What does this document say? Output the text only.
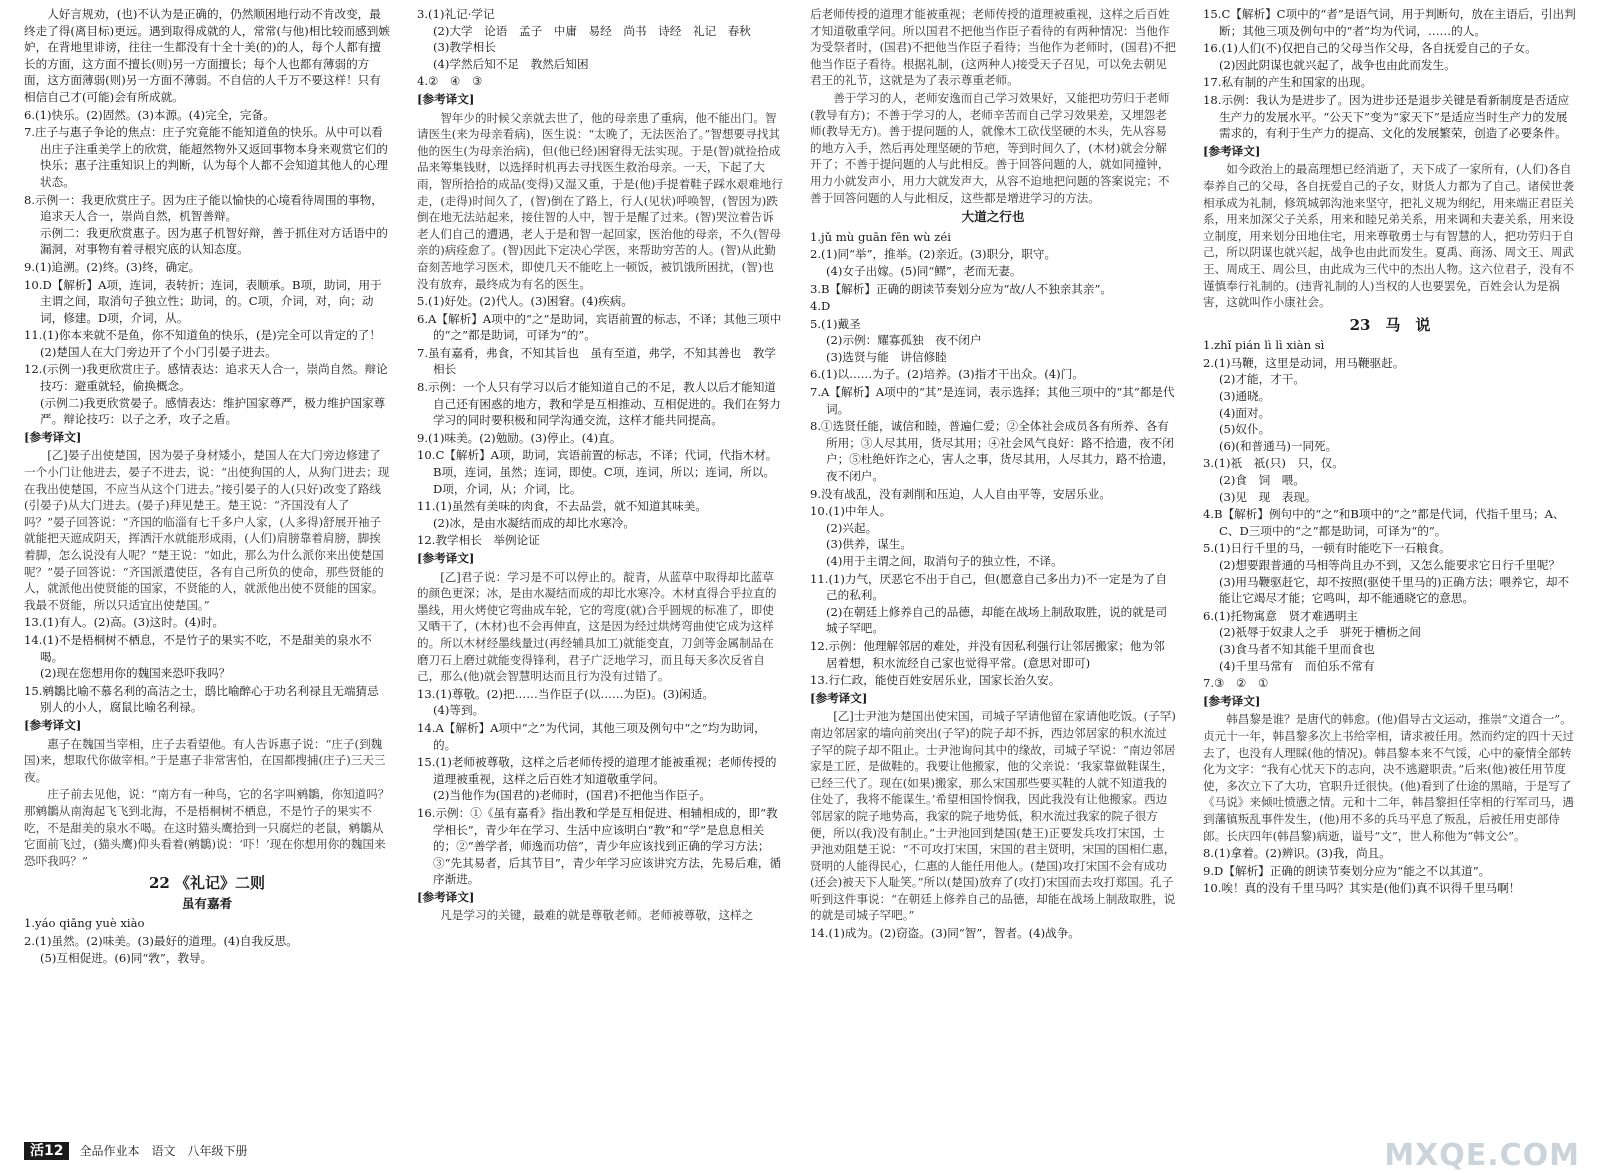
人好言规劝，(也)不认为是正确的，仍然顺困地行动不肯改变，最终走了得(离目标)更远。遇到取得成就的人，常常(与他)相比较而感到嫉妒，在背地里诽谤，往往一生都没有十全十美(的)的人，每个人都有擅长的方面，这方面不擅长(则)另一方面擅长；每个人也都有薄弱的方面，这方面薄弱(则)另一方面不薄弱。不自信的人千万不要这样！只有相信自己才(可能)会有所成就。
6.(1)快乐。(2)固然。(3)本源。(4)完全，完备。
7.庄子与惠子争论的焦点：庄子究竟能不能知道鱼的快乐。从中可以看出庄子注重美学上的欣赏，能超然物外又返回事物本身来观赏它们的快乐；惠子注重知识上的判断，认为每个人都不会知道其他人的心理状态。
8.示例一：我更欣赏庄子。因为庄子能以愉快的心境看待周围的事物，追求天人合一，崇尚自然，机智善辩。
示例二：我更欣赏惠子。因为惠子机智好辩，善于抓住对方话语中的漏洞，对事物有着寻根究底的认知态度。
9.(1)追溯。(2)终。(3)终，确定。
10.D【解析】A项，连词，表转折；连词，表顺承。B项，助词，用于主谓之间，取消句子独立性；助词，的。C项，介词，对，向；动词，修建。D项，介词，从。
11.(1)你本来就不是鱼，你不知道鱼的快乐，(是)完全可以肯定的了！
(2)楚国人在大门旁边开了个小门引晏子进去。
12.(示例一)我更欣赏庄子。感情表达：追求天人合一，崇尚自然。辩论技巧：避重就轻，偷换概念。
(示例二)我更欣赏晏子。感情表达：维护国家尊严，极力维护国家尊严。辩论技巧：以子之矛，攻子之盾。
[参考译文]
[乙]晏子出使楚国，因为晏子身材矮小，楚国人在大门旁边修建了一个小门让他进去，晏子不进去，说：“出使狗国的人，从狗门进去；现在我出使楚国，不应当从这个门进去。”接引晏子的人(只好)改变了路线(引晏子)从大门进去。(晏子)拜见楚王。楚王说：“齐国没有人了吗？”晏子回答说：“齐国的临淄有七千多户人家，(人多得)舒展开袖子就能把天遮成阴天，挥洒汗水就能形成雨，(人们)肩膀靠着肩膀，脚挨着脚，怎么说没有人呢？”楚王说：“如此，那么为什么派你来出使楚国呢？”晏子回答说：“齐国派遣使臣，各有自己所负的使命，那些贤能的人，就派他出使贤能的国家，不贤能的人，就派他出使不贤能的国家。我最不贤能，所以只适宜出使楚国。”
13.(1)有人。(2)高。(3)这时。(4)时。
14.(1)不是梧桐树不栖息，不是竹子的果实不吃，不是甜美的泉水不喝。
(2)现在您想用你的魏国来恐吓我吗？
15.鹓鶵比喻不慕名利的高洁之士，鸱比喻醉心于功名利禄且无端猜忌别人的小人，腐鼠比喻名利禄。
[参考译文]
惠子在魏国当宰相，庄子去看望他。有人告诉惠子说：“庄子(到魏国)来，想取代你做宰相。”于是惠子非常害怕，在国都搜捕(庄子)三天三夜。
庄子前去见他，说：“南方有一种鸟，它的名字叫鹓鶵，你知道吗？那鹓鶵从南海起飞飞到北海，不是梧桐树不栖息，不是竹子的果实不吃，不是甜美的泉水不喝。在这时猫头鹰拾到一只腐烂的老鼠，鹓鶵从它面前飞过，(猫头鹰)仰头看着(鹓鶵)说：‘吓！’现在你想用你的魏国来恐吓我吗？”
22 《礼记》二则
虽有嘉肴
1.yáo qiǎng yuè xiào
2.(1)虽然。(2)味美。(3)最好的道理。(4)自我反思。
(5)互相促进。(6)同“敩”，教导。
3.(1)礼记·学记
(2)大学　论语　孟子　中庸　易经　尚书　诗经　礼记　春秋
(3)教学相长
(4)学然后知不足　教然后知困
4.②　④　③
[参考译文]
智年少的时候父亲就去世了，他的母亲患了重病，他不能出门。智请医生(来为母亲看病)，医生说：“太晚了，无法医治了。”智想要寻找其他的医生(为母亲治病)，但(他已经)困窘得无法实现。于是(智)就捡拾成品来筹集钱财，以选择时机再去寻找医生救治母亲。一天，下起了大雨，智所拾拾的成品(变得)又湿又重，于是(他)手提着鞋子踩水艰难地行走，(走得)时间久了，(智)倒在了路上，行人(见状)呼唤智，(智因为)跌倒在地无法站起来，接住智的人中，智于是醒了过来。(智)哭泣着告诉老人们自己的遭遇，老人于是和智一起回家，医治他的母亲，不久(智母亲的)病痊愈了。(智)因此下定决心学医，来帮助穷苦的人。(智)从此勤奋刻苦地学习医术，即使几天不能吃上一顿饭，被饥饿所困扰，(智)也没有放弃，最终成为有名的医生。
5.(1)好处。(2)代人。(3)困窘。(4)疾病。
6.A【解析】A项中的“之”是助词，宾语前置的标志，不译；其他三项中的“之”都是助词，可译为“的”。
7.虽有嘉肴，弗食，不知其旨也　虽有至道，弗学，不知其善也　教学相长
8.示例：一个人只有学习以后才能知道自己的不足，教人以后才能知道自己还有困惑的地方，教和学是互相推动、互相促进的。我们在努力学习的同时要积极和同学沟通交流，这样才能共同提高。
9.(1)味美。(2)勉励。(3)停止。(4)直。
10.C【解析】A项，助词，宾语前置的标志，不译；代词，代指木材。B项，连词，虽然；连词，即使。C项，连词，所以；连词，所以。D项，介词，从；介词，比。
11.(1)虽然有美味的肉食，不去品尝，就不知道其味美。
(2)冰，是由水凝结而成的却比水寒冷。
12.教学相长　举例论证
[参考译文]
[乙]君子说：学习是不可以停止的。靛青，从蓝草中取得却比蓝草的颜色更深；冰，是由水凝结而成的却比水寒冷。木材直得合乎拉直的墨线，用火烤使它弯曲成车轮，它的弯度(就)合乎圆规的标准了，即使又晒干了，(木材)也不会再伸直，这是因为经过烘烤弯曲使它成为这样的。所以木材经墨线量过(再经辅具加工)就能变直，刀剑等金属制品在磨刀石上磨过就能变得锋利，君子广泛地学习，而且每天多次反省自己，那么(他)就会智慧明达而且行为没有过错了。
13.(1)尊敬。(2)把……当作臣子(以……为臣)。(3)闲适。
(4)等到。
14.A【解析】A项中“之”为代词，其他三项及例句中“之”均为助词，的。
15.(1)老师被尊敬，这样之后老师传授的道理才能被重视；老师传授的道理被重视，这样之后百姓才知道敬重学问。
(2)当他作为(国君的)老师时，(国君)不把他当作臣子。
16.示例：①《虽有嘉肴》指出教和学是互相促进、相辅相成的，即“教学相长”，青少年在学习、生活中应该明白“教”和“学”是息息相关的；②“善学者，师逸而功倍”，青少年应该找到正确的学习方法；③“先其易者，后其节目”，青少年学习应该讲究方法，先易后难，循序渐进。
[参考译文]
凡是学习的关键，最难的就是尊敬老师。老师被尊敬，这样之
后老师传授的道理才能被重视；老师传授的道理被重视，这样之后百姓才知道敬重学问。所以国君不把他当作臣子看待的有两种情况：当他作为受祭者时，(国君)不把他当作臣子看待；当他作为老师时，(国君)不把他当作臣子看待。根据礼制，(这两种人)接受天子召见，可以免去朝见君王的礼节，这就是为了表示尊重老师。
善于学习的人，老师安逸而自己学习效果好，又能把功劳归于老师(教导有方)；不善于学习的人，老师辛苦而自己学习效果差，又埋怨老师(教导无方)。善于提问题的人，就像木工砍伐坚硬的木头，先从容易的地方入手，然后再处理坚硬的节疤，等到时间久了，(木材)就会分解开了；不善于提问题的人与此相反。善于回答问题的人，就如同撞钟，用力小就发声小，用力大就发声大，从容不迫地把问题的答案说完；不善于回答问题的人与此相反，这些都是增进学习的方法。
大道之行也
1.jǔ mù guān fēn wù zéi
2.(1)同“举”，推举。(2)亲近。(3)职分，职守。
(4)女子出嫁。(5)同“鳏”，老而无妻。
3.B【解析】正确的朗读节奏划分应为“故/人不独亲其亲”。
4.D
5.(1)戴圣
(2)示例：耀寡孤独　夜不闭户
(3)选贤与能　讲信修睦
6.(1)以……为子。(2)培养。(3)指才干出众。(4)门。
7.A【解析】A项中的“其”是连词，表示选择；其他三项中的“其”都是代词。
8.①选贤任能，诚信和睦，普遍仁爱；②全体社会成员各有所养、各有所用；③人尽其用，货尽其用；④社会风气良好：路不拾遗，夜不闭户；⑤杜绝奸诈之心，害人之事，货尽其用，人尽其力，路不拾遗，夜不闭户。
9.没有战乱，没有剥削和压迫，人人自由平等，安居乐业。
10.(1)中年人。
(2)兴起。
(3)供养，谋生。
(4)用于主谓之间，取消句子的独立性，不译。
11.(1)力气，厌恶它不出于自己，但(愿意自己多出力)不一定是为了自己的私利。
(2)在朝廷上修养自己的品德，却能在战场上制敌取胜，说的就是司城子罕吧。
12.示例：他理解邻居的难处，并没有因私利强行让邻居搬家；他为邻居着想，积水流经自己家也觉得平常。(意思对即可)
13.行仁政，能使百姓安居乐业，国家长治久安。
[参考译文]
[乙]士尹池为楚国出使宋国，司城子罕请他留在家请他吃饭。(子罕)南边邻居家的墙向前突出(子罕)的院子却不拆，西边邻居家的积水流过子罕的院子却不阻止。士尹池询问其中的缘故，司城子罕说：“南边邻居家是工匠，是做鞋的。我要让他搬家，他的父亲说：‘我家靠做鞋谋生，已经三代了。现在(如果)搬家，那么宋国那些要买鞋的人就不知道我的住处了，我将不能谋生。’希望相国怜悯我，因此我没有让他搬家。西边邻居家的院子地势高，我家的院子地势低，积水流过我家的院子很方便，所以(我)没有制止。”士尹池回到楚国(楚王)正要发兵攻打宋国，士尹池劝阻楚王说：“不可攻打宋国，宋国的君主贤明，宋国的国相仁惠，贤明的人能得民心，仁惠的人能任用他人。(楚国)攻打宋国不会有成功(还会)被天下人耻笑。”所以(楚国)放弃了(攻打)宋国而去攻打郑国。孔子听到这件事说：“在朝廷上修养自己的品德，却能在战场上制敌取胜，说的就是司城子罕吧。”
14.(1)成为。(2)窃盗。(3)同“智”，智者。(4)战争。
15.C【解析】C项中的“者”是语气词，用于判断句，放在主语后，引出判断；其他三项及例句中的“者”均为代词，……的人。
16.(1)人们(不)仅把自己的父母当作父母，各自抚爱自己的子女。
(2)因此阴谋也就兴起了，战争也由此而发生。
17.私有制的产生和国家的出现。
18.示例：我认为是进步了。因为进步还是退步关键是看新制度是否适应生产力的发展水平。“公天下”变为“家天下”是适应当时生产力的发展需求的，有利于生产力的提高、文化的发展繁荣，创造了必要条件。
[参考译文]
如今政治上的最高理想已经消逝了，天下成了一家所有，(人们)各自奉养自己的父母，各自抚爱自己的子女，财货人力都为了自己。诸侯世袭相承成为礼制，修筑城郭沟池来坚守，把礼义规为纲纪，用来端正君臣关系，用来加深父子关系，用来和睦兄弟关系，用来调和夫妻关系，用来设立制度，用来划分田地住宅，用来尊敬勇士与有智慧的人，把功劳归于自己，所以阴谋也就兴起，战争也由此而发生。夏禹、商汤、周文王、周武王、周成王、周公旦，由此成为三代中的杰出人物。这六位君子，没有不谨慎奉行礼制的。(违背礼制的人)当权的人也要罢免，百姓会认为是祸害，这就叫作小康社会。
23　马　说
1.zhǐ pián lì lì xiàn sì
2.(1)马鞭，这里是动词，用马鞭驱赶。
(2)才能，才干。
(3)通晓。
(4)面对。
(5)奴仆。
(6)(和普通马)一同死。
3.(1)祇　祇(只)　只，仅。
(2)食　饲　喂。
(3)见　现　表现。
4.B【解析】例句中的“之”和B项中的“之”都是代词，代指千里马；A、C、D三项中的“之”都是助词，可译为“的”。
5.(1)日行千里的马，一顿有时能吃下一石粮食。
(2)想要跟普通的马相等尚且办不到，又怎么能要求它日行千里呢？
(3)用马鞭驱赶它，却不按照(驱使千里马的)正确方法；喂养它，却不能让它竭尽才能；它鸣叫，却不能通晓它的意思。
6.(1)托物寓意　贤才难遇明主
(2)祇辱于奴隶人之手　骈死于槽枥之间
(3)食马者不知其能千里而食也
(4)千里马常有　而伯乐不常有
7.③　②　①
[参考译文]
韩昌黎是谁？是唐代的韩愈。(他)倡导古文运动，推崇“文道合一”。贞元十一年，韩昌黎多次上书给宰相，请求被任用。然而约定的四十天过去了，也没有人理睬(他的情况)。韩昌黎本来不气馁，心中的豪情全部转化为文字：“我有心忧天下的志向，决不逃避职责。”后来(他)被任用节度使，多次立下了大功，官职升迁很快。(他)看到了仕途的黑暗，于是写了《马说》来倾吐愤懑之情。元和十二年，韩昌黎担任宰相的行军司马，遇到藩镇叛乱事件发生，(他)用不多的兵马平息了叛乱，后被任用吏部侍郎。长庆四年(韩昌黎)病逝，谥号“文”，世人称他为“韩文公”。
8.(1)拿着。(2)辨识。(3)我，尚且。
9.D【解析】正确的朗读节奏划分应为“能之不以其道”。
10.唉！真的没有千里马吗？其实是(他们)真不识得千里马啊！
活12	全品作业本　语文　八年级下册	MXQE.COM
